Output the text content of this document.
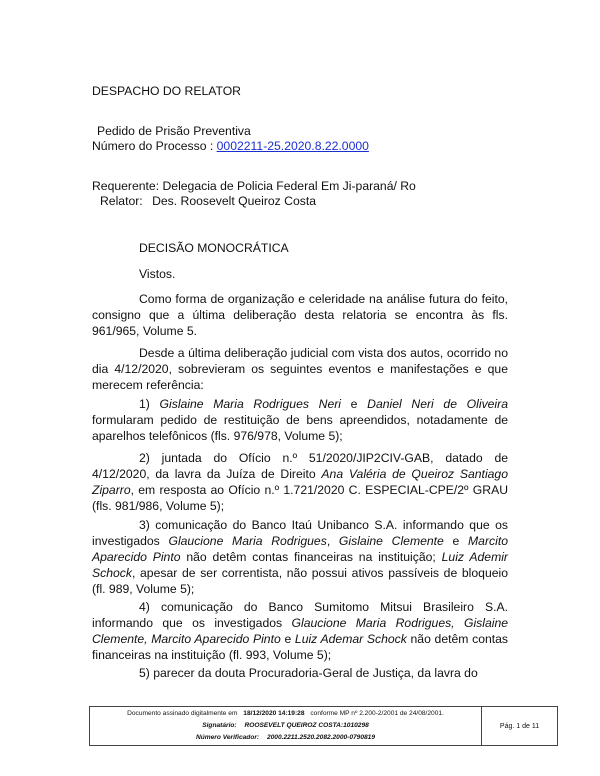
DESPACHO DO RELATOR
Pedido de Prisão Preventiva
Número do Processo : 0002211-25.2020.8.22.0000
Requerente: Delegacia de Policia Federal Em Ji-paraná/ Ro
Relator: Des. Roosevelt Queiroz Costa
DECISÃO MONOCRÁTICA
Vistos.
Como forma de organização e celeridade na análise futura do feito, consigno que a última deliberação desta relatoria se encontra às fls. 961/965, Volume 5.
Desde a última deliberação judicial com vista dos autos, ocorrido no dia 4/12/2020, sobrevieram os seguintes eventos e manifestações e que merecem referência:
1) Gislaine Maria Rodrigues Neri e Daniel Neri de Oliveira formularam pedido de restituição de bens apreendidos, notadamente de aparelhos telefônicos (fls. 976/978, Volume 5);
2) juntada do Ofício n.º 51/2020/JIP2CIV-GAB, datado de 4/12/2020, da lavra da Juíza de Direito Ana Valéria de Queiroz Santiago Ziparro, em resposta ao Ofício n.º 1.721/2020 C. ESPECIAL-CPE/2º GRAU (fls. 981/986, Volume 5);
3) comunicação do Banco Itaú Unibanco S.A. informando que os investigados Glaucione Maria Rodrigues, Gislaine Clemente e Marcito Aparecido Pinto não detêm contas financeiras na instituição; Luiz Ademir Schock, apesar de ser correntista, não possui ativos passíveis de bloqueio (fl. 989, Volume 5);
4) comunicação do Banco Sumitomo Mitsui Brasileiro S.A. informando que os investigados Glaucione Maria Rodrigues, Gislaine Clemente, Marcito Aparecido Pinto e Luiz Ademar Schock não detêm contas financeiras na instituição (fl. 993, Volume 5);
5) parecer da douta Procuradoria-Geral de Justiça, da lavra do
Documento assinado digitalmente em 18/12/2020 14:19:28 conforme MP nº 2.200-2/2001 de 24/08/2001.
Signatário: ROOSEVELT QUEIROZ COSTA:1010298
Número Verificador: 2000.2211.2520.2082.2000-0790819
Pág. 1 de 11
